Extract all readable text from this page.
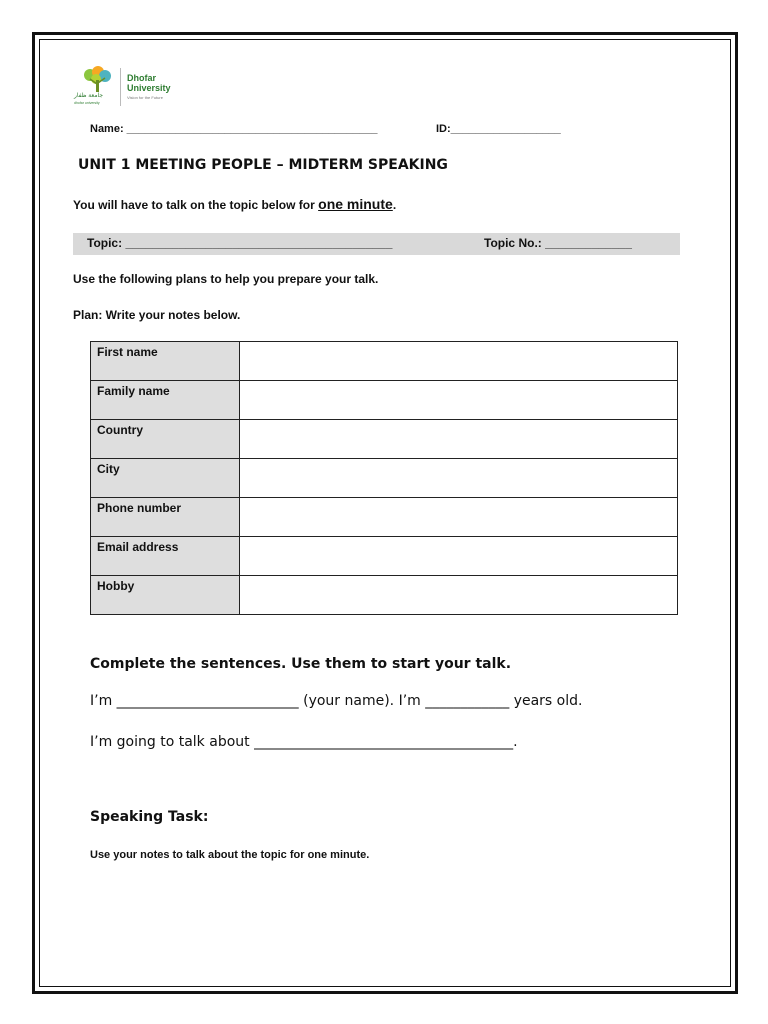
جامعة ظفار
dhofar university
Dhofar
University
Vision for the Future
Name: _________________________________________	ID:__________________
UNIT 1 MEETING PEOPLE – MIDTERM SPEAKING
You will have to talk on the topic below for one minute.
Topic: ________________________________________	Topic No.: _____________
Use the following plans to help you prepare your talk.
Plan: Write your notes below.
First name	
Family name	
Country	
City	
Phone number	
Email address	
Hobby	
Complete the sentences. Use them to start your talk.
I’m __________________________ (your name). I’m ____________ years old.
I’m going to talk about _____________________________________.
Speaking Task:
Use your notes to talk about the topic for one minute.
